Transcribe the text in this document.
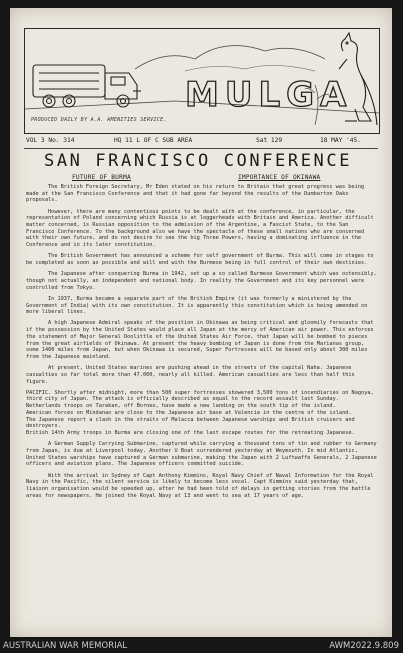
MULGA
PRODUCED DAILY BY A.A. AMENITIES SERVICE.
VOL 3 No. 314	HQ 11 L OF C SUB AREA	Sat 129	18 MAY '45.
SAN FRANCISCO CONFERENCE
FUTURE OF BURMA	IMPORTANCE OF OKINAWA

The British Foreign Secretary, Mr Eden stated on his return to Britain that great progress was being made at the San Francisco Conference and that it had gone far beyond the results of the Dumbarton Oaks proposals.

However, there are many contentious points to be dealt with at the conference, in particular, the representation of Poland concerning which Russia is at loggerheads with Britain and America. Another difficult matter concerned, is Russian opposition to the admission of the Argentine, a Fascist State, to the San Francisco Conference. To the background also we have the spectacle of these small nations who are concerned with their own future, and do not desire to see the big Three Powers, having a dominating influence in the Conference and in its later constitution.

The British Government has announced a scheme for self government of Burma. This will come in stages to be completed as soon as possible and will end with the Burmese being in full control of their own destinies.

The Japanese after conquering Burma in 1942, set up a so called Burmese Government which was ostensibly, though not actually, an independent and national body. In reality the Government and its key personnel were controlled from Tokyo.

In 1937, Burma became a separate part of the British Empire (it was formerly a ministered by the Government of India) with its own constitution. It is apparently this constitution which is being amended on more liberal lines.

A high Japanese Admiral speaks of the position in Okinawa as being critical and gloomily forecasts that if the possession by the United States would place all Japan at the mercy of American air power. This enforces the statement of Major General Doolittle of the United States Air Force, that Japan will be bombed to pieces from the great airfields of Okinawa. At present the heavy bombing of Japan is done from the Marianas group, some 1400 miles from Japan, but when Okinawa is secured, Super Fortresses will be based only about 300 miles from the Japanese mainland.

At present, United States marines are pushing ahead in the streets of the capital Naha. Japanese casualties so far total more than 47,000, nearly all killed. American casualties are less than half this figure.

PACIFIC. Shortly after midnight, more than 500 super fortresses showered 3,500 tons of incendiaries on Nagoya, third city of Japan. The attack is officially described as equal to the record assault last Sunday.
Netherlands troops on Tarakan, off Borneo, have made a new landing on the south tip of the island.
American forces on Mindanao are close to the Japanese air base at Valencia in the centre of the island.
The Japanese report a clash in the straits of Malacca between Japanese warships and British cruisers and destroyers.
British 14th Army troops in Burma are closing one of the last escape routes for the retreating Japanese.

A German Supply Carrying Submarine, captured while carrying a thousand tons of tin and rubber to Germany from Japan, is due at Liverpool today. Another U Boat surrendered yesterday at Weymouth. In mid Atlantic, United States warships have captured a German submarine, making the Japan with 2 Luftwaffe Generals, 2 Japanese officers and aviation plans. The Japanese officers committed suicide.

With the arrival in Sydney of Capt Anthony Kimmins, Royal Navy Chief of Naval Information for the Royal Navy in the Pacific, the silent service is likely to become less vocal. Capt Kimmins said yesterday that, liaison organisation would be speeded up, after he had been told of delays in getting stories from the battle areas for newspapers. He joined the Royal Navy at 13 and went to sea at 17 years of age.

AUSTRALIAN WAR MEMORIAL	AWM2022.9.809
